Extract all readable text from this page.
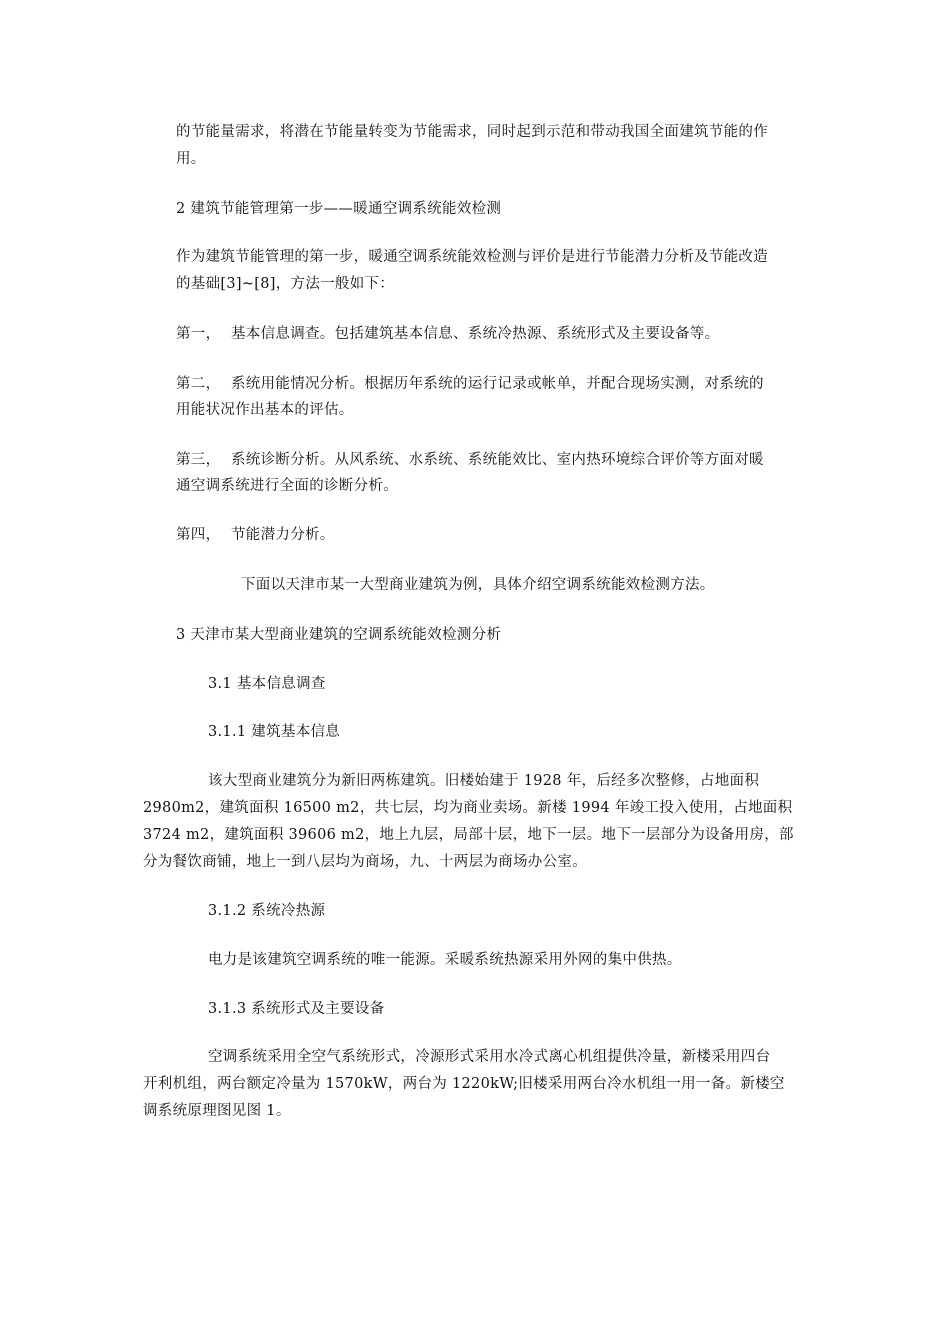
的节能量需求，将潜在节能量转变为节能需求，同时起到示范和带动我国全面建筑节能的作
用。
2 建筑节能管理第一步——暖通空调系统能效检测
作为建筑节能管理的第一步，暖通空调系统能效检测与评价是进行节能潜力分析及节能改造
的基础[3]~[8]，方法一般如下：
第一， 基本信息调查。包括建筑基本信息、系统冷热源、系统形式及主要设备等。
第二， 系统用能情况分析。根据历年系统的运行记录或帐单，并配合现场实测，对系统的
用能状况作出基本的评估。
第三， 系统诊断分析。从风系统、水系统、系统能效比、室内热环境综合评价等方面对暖
通空调系统进行全面的诊断分析。
第四， 节能潜力分析。
下面以天津市某一大型商业建筑为例，具体介绍空调系统能效检测方法。
3 天津市某大型商业建筑的空调系统能效检测分析
3.1 基本信息调查
3.1.1 建筑基本信息
该大型商业建筑分为新旧两栋建筑。旧楼始建于 1928 年，后经多次整修，占地面积
2980m2，建筑面积 16500 m2，共七层，均为商业卖场。新楼 1994 年竣工投入使用，占地面积
3724 m2，建筑面积 39606 m2，地上九层，局部十层，地下一层。地下一层部分为设备用房，部
分为餐饮商铺，地上一到八层均为商场，九、十两层为商场办公室。
3.1.2 系统冷热源
电力是该建筑空调系统的唯一能源。采暖系统热源采用外网的集中供热。
3.1.3 系统形式及主要设备
空调系统采用全空气系统形式，冷源形式采用水冷式离心机组提供冷量，新楼采用四台
开利机组，两台额定冷量为 1570kW，两台为 1220kW;旧楼采用两台冷水机组一用一备。新楼空
调系统原理图见图 1。
